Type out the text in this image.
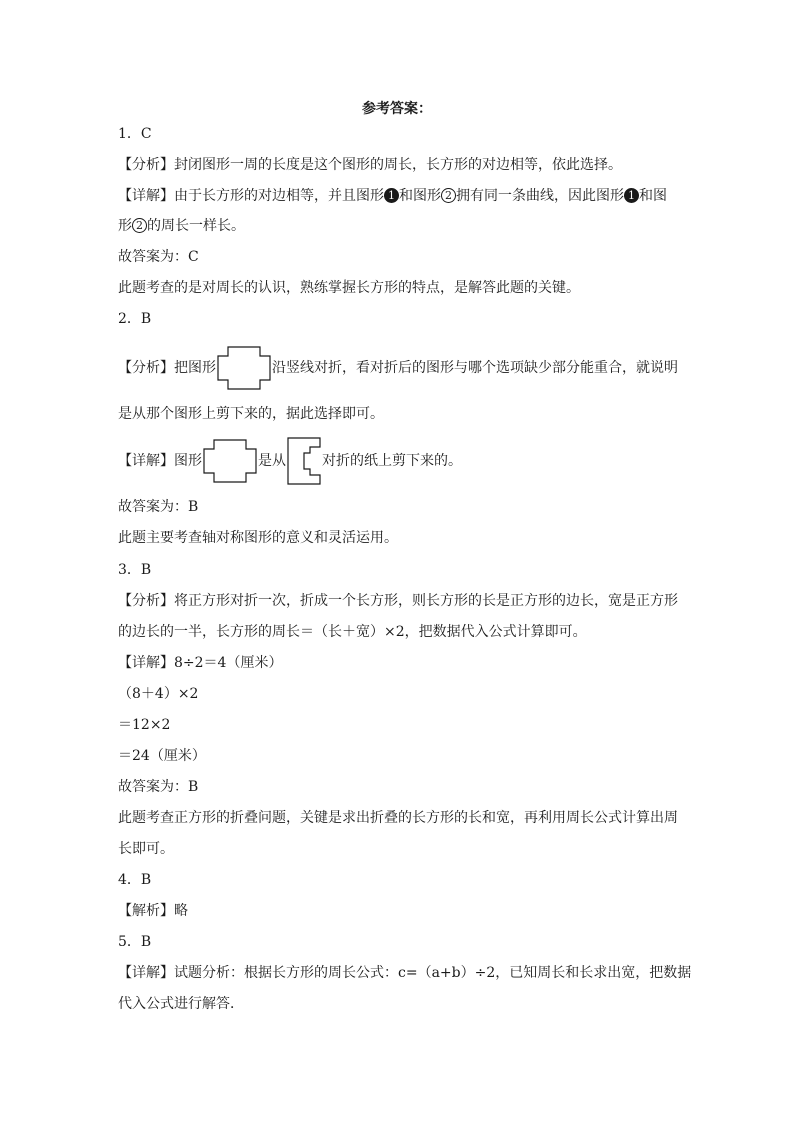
参考答案：
1．C
【分析】封闭图形一周的长度是这个图形的周长，长方形的对边相等，依此选择。
【详解】由于长方形的对边相等，并且图形 1 和图形 2 拥有同一条曲线，因此图形 1 和图
形 2 的周长一样长。
故答案为：C
此题考查的是对周长的认识，熟练掌握长方形的特点，是解答此题的关键。
2．B
【分析】把图形	沿竖线对折，看对折后的图形与哪个选项缺少部分能重合，就说明
是从那个图形上剪下来的，据此选择即可。
【详解】图形	是从	对折的纸上剪下来的。
故答案为：B
此题主要考查轴对称图形的意义和灵活运用。
3．B
【分析】将正方形对折一次，折成一个长方形，则长方形的长是正方形的边长，宽是正方形
的边长的一半，长方形的周长＝（长＋宽）×2，把数据代入公式计算即可。
【详解】8÷2＝4（厘米）
（8＋4）×2
＝12×2
＝24（厘米）
故答案为：B
此题考查正方形的折叠问题，关键是求出折叠的长方形的长和宽，再利用周长公式计算出周
长即可。
4．B
【解析】略
5．B
【详解】试题分析：根据长方形的周长公式：c=（a+b）÷2，已知周长和长求出宽，把数据
代入公式进行解答．
